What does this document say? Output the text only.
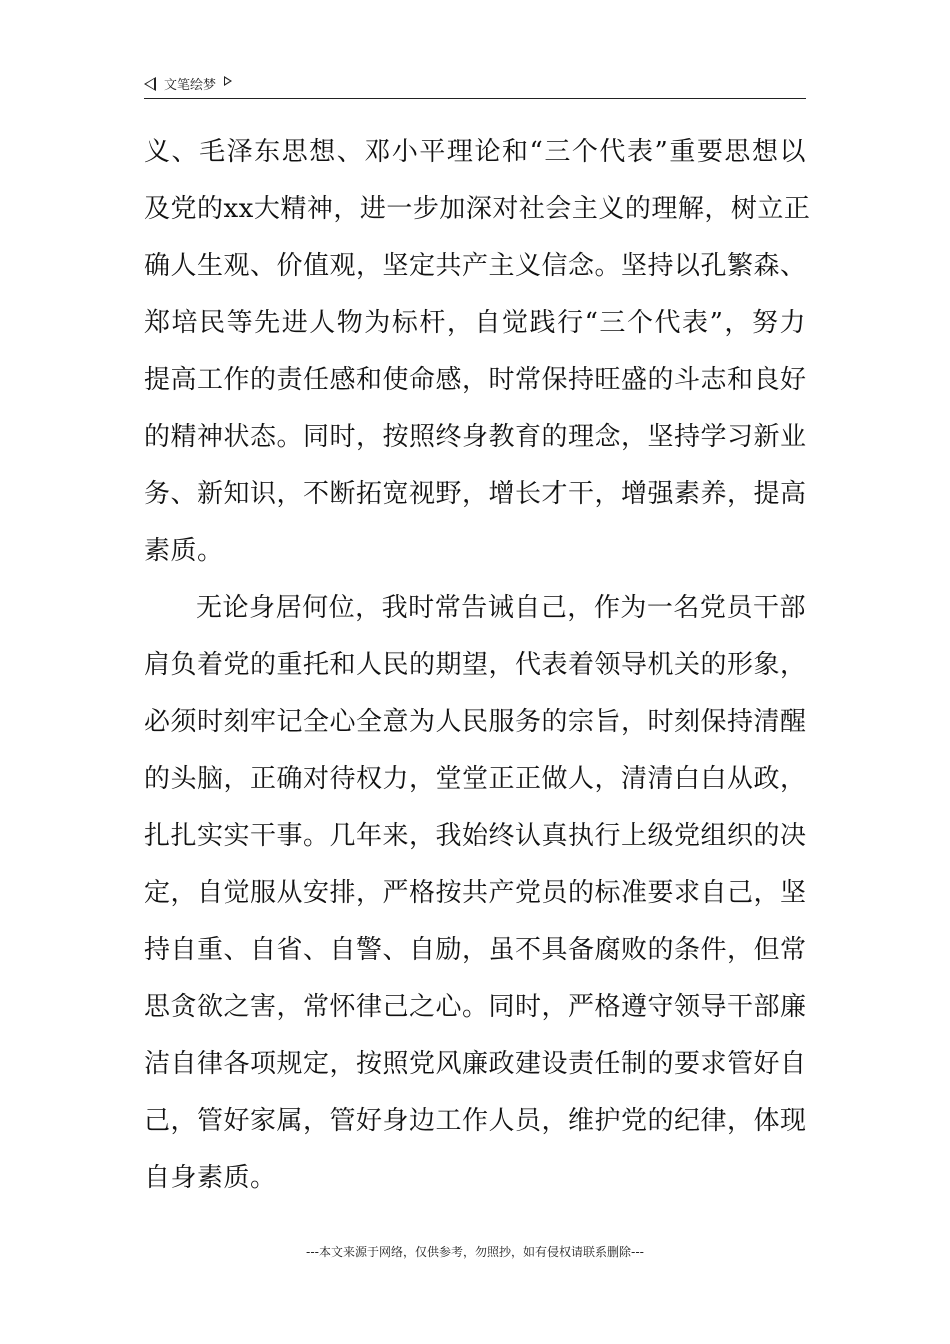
文笔绘梦
义、毛泽东思想、邓小平理论和“三个代表”重要思想以
及党的xx大精神，进一步加深对社会主义的理解，树立正
确人生观、价值观，坚定共产主义信念。坚持以孔繁森、
郑培民等先进人物为标杆，自觉践行“三个代表”，努力
提高工作的责任感和使命感，时常保持旺盛的斗志和良好
的精神状态。同时，按照终身教育的理念，坚持学习新业
务、新知识，不断拓宽视野，增长才干，增强素养，提高
素质。
无论身居何位，我时常告诫自己，作为一名党员干部
肩负着党的重托和人民的期望，代表着领导机关的形象，
必须时刻牢记全心全意为人民服务的宗旨，时刻保持清醒
的头脑，正确对待权力，堂堂正正做人，清清白白从政，
扎扎实实干事。几年来，我始终认真执行上级党组织的决
定，自觉服从安排，严格按共产党员的标准要求自己，坚
持自重、自省、自警、自励，虽不具备腐败的条件，但常
思贪欲之害，常怀律己之心。同时，严格遵守领导干部廉
洁自律各项规定，按照党风廉政建设责任制的要求管好自
己，管好家属，管好身边工作人员，维护党的纪律，体现
自身素质。
---本文来源于网络，仅供参考，勿照抄，如有侵权请联系删除---
